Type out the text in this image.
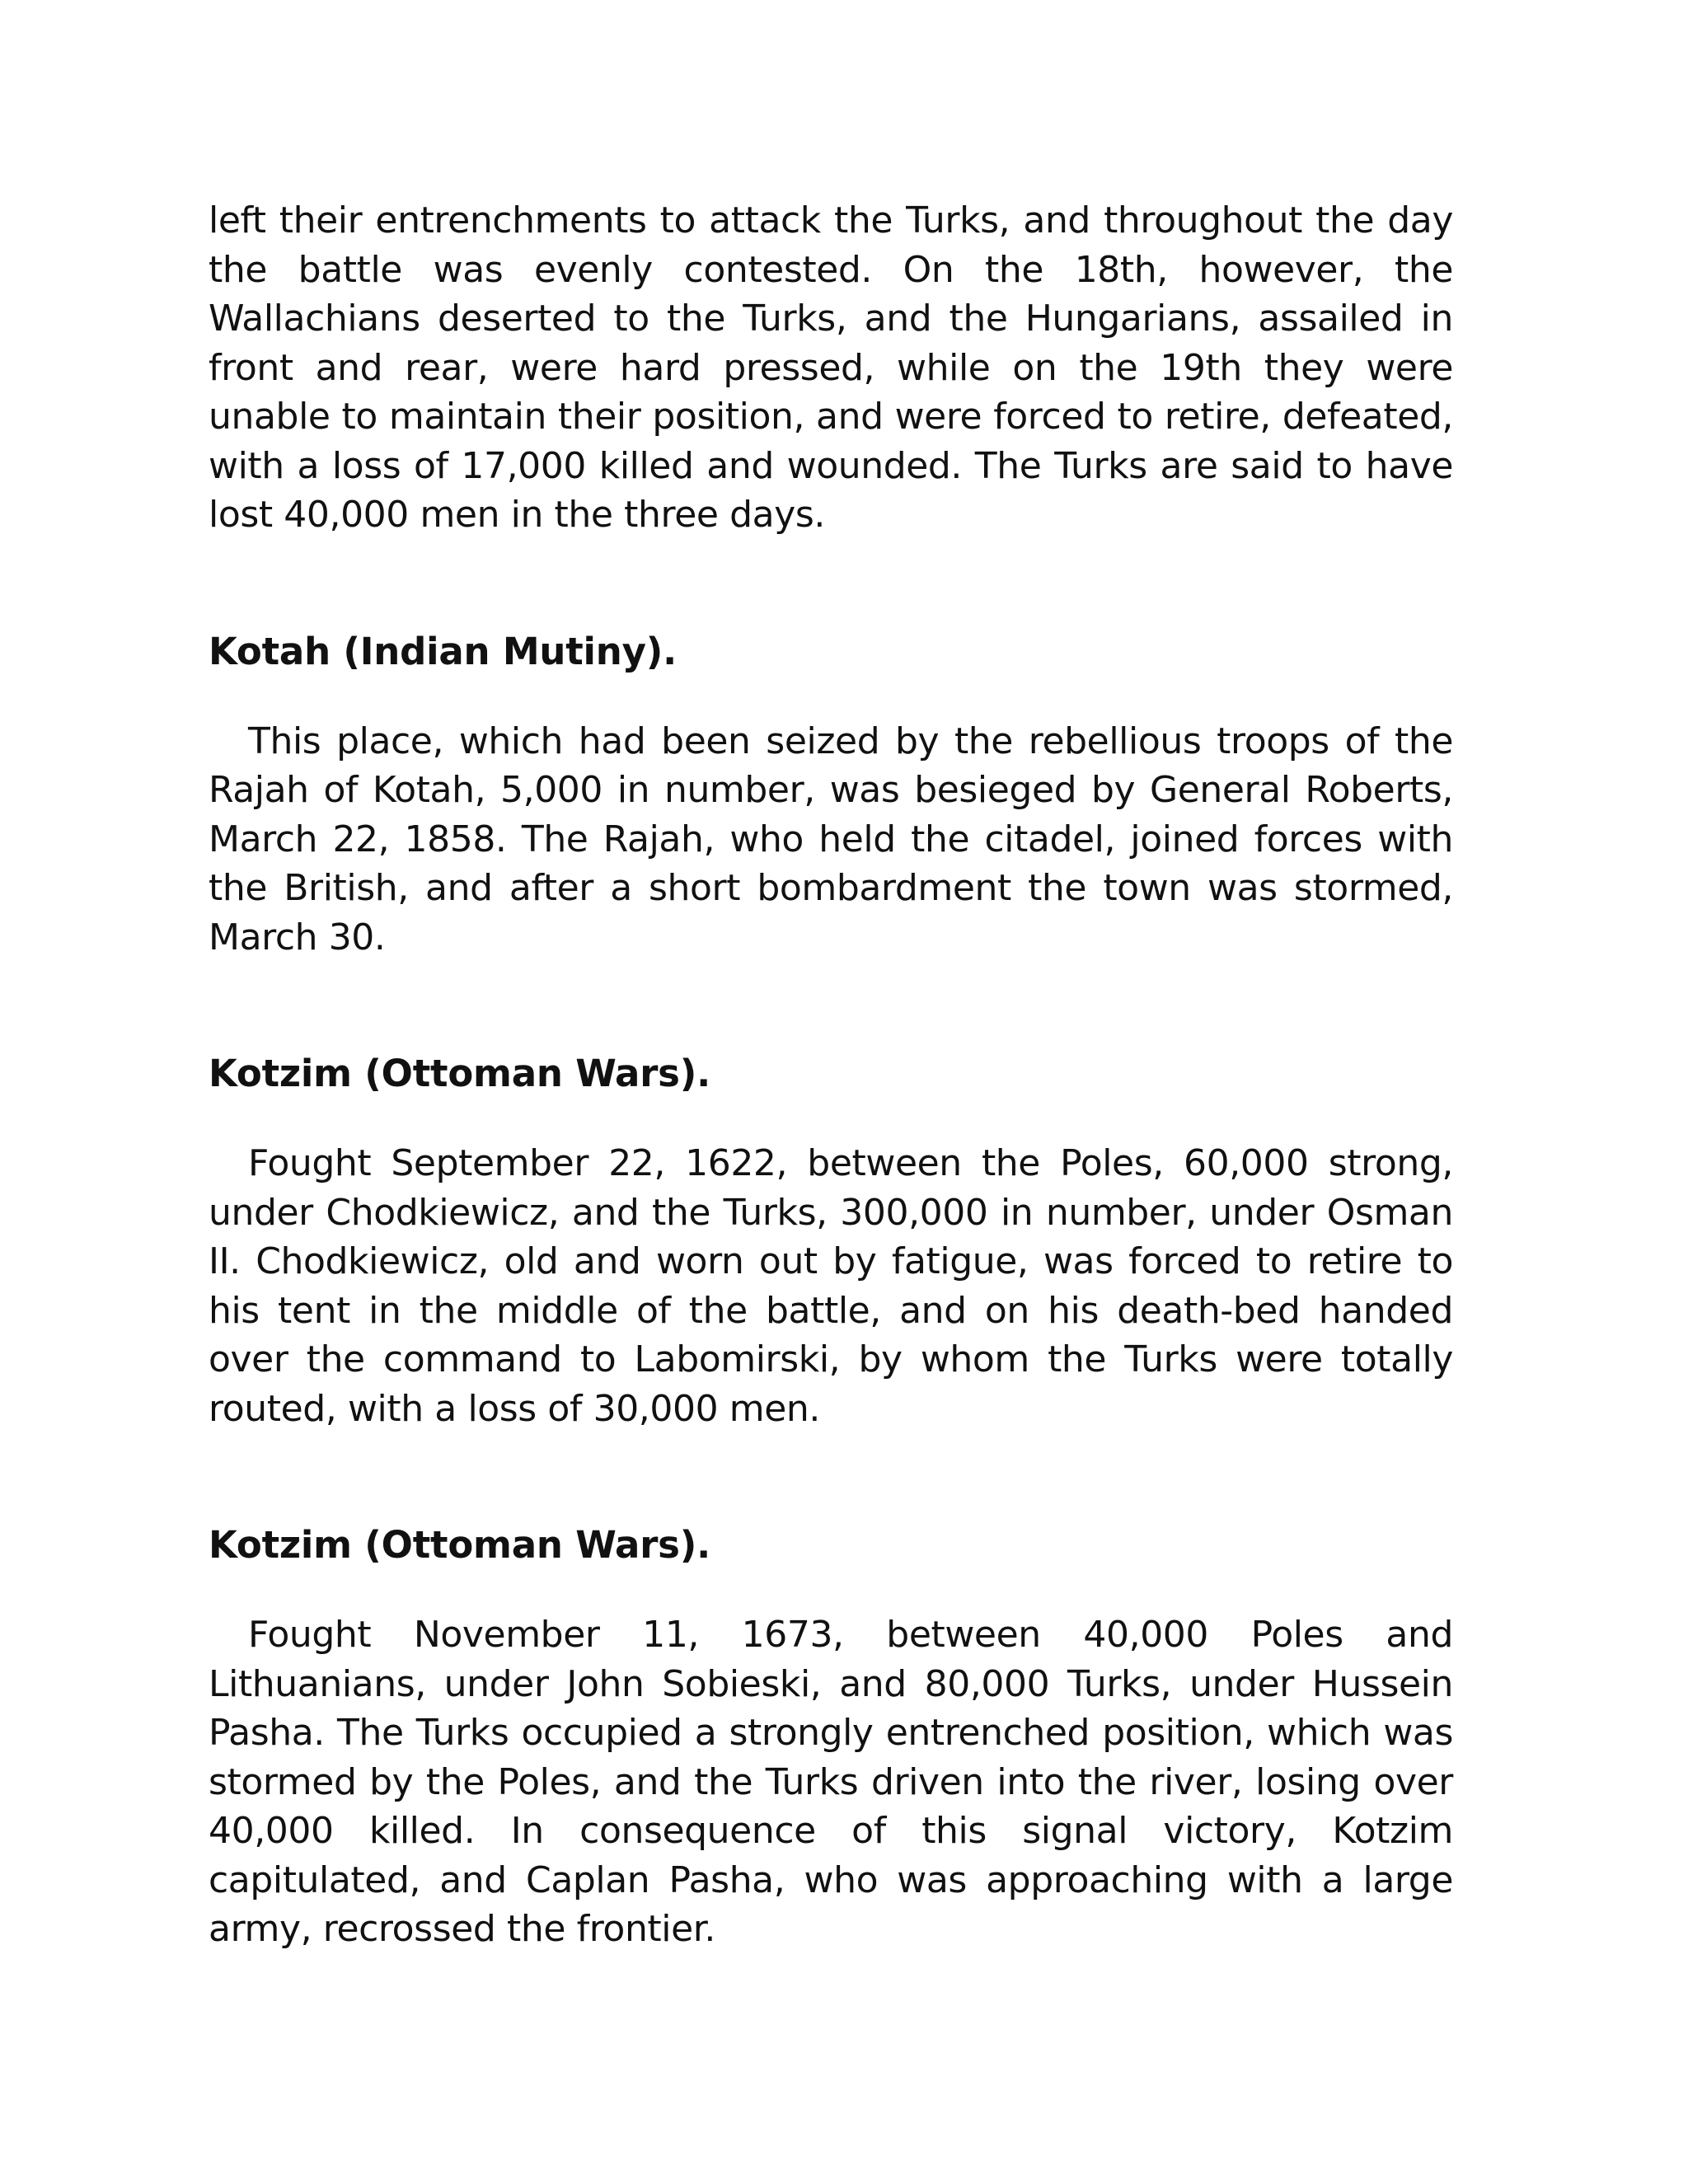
left their entrenchments to attack the Turks, and throughout the day the battle was evenly contested. On the 18th, however, the Wallachians deserted to the Turks, and the Hungarians, assailed in front and rear, were hard pressed, while on the 19th they were unable to maintain their position, and were forced to retire, defeated, with a loss of 17,000 killed and wounded. The Turks are said to have lost 40,000 men in the three days.

Kotah (Indian Mutiny).

This place, which had been seized by the rebellious troops of the Rajah of Kotah, 5,000 in number, was besieged by General Roberts, March 22, 1858. The Rajah, who held the citadel, joined forces with the British, and after a short bombardment the town was stormed, March 30.

Kotzim (Ottoman Wars).

Fought September 22, 1622, between the Poles, 60,000 strong, under Chodkiewicz, and the Turks, 300,000 in number, under Osman II. Chodkiewicz, old and worn out by fatigue, was forced to retire to his tent in the middle of the battle, and on his death-bed handed over the command to Labomirski, by whom the Turks were totally routed, with a loss of 30,000 men.

Kotzim (Ottoman Wars).

Fought November 11, 1673, between 40,000 Poles and Lithuanians, under John Sobieski, and 80,000 Turks, under Hussein Pasha. The Turks occupied a strongly entrenched position, which was stormed by the Poles, and the Turks driven into the river, losing over 40,000 killed. In consequence of this signal victory, Kotzim capitulated, and Caplan Pasha, who was approaching with a large army, recrossed the frontier.
